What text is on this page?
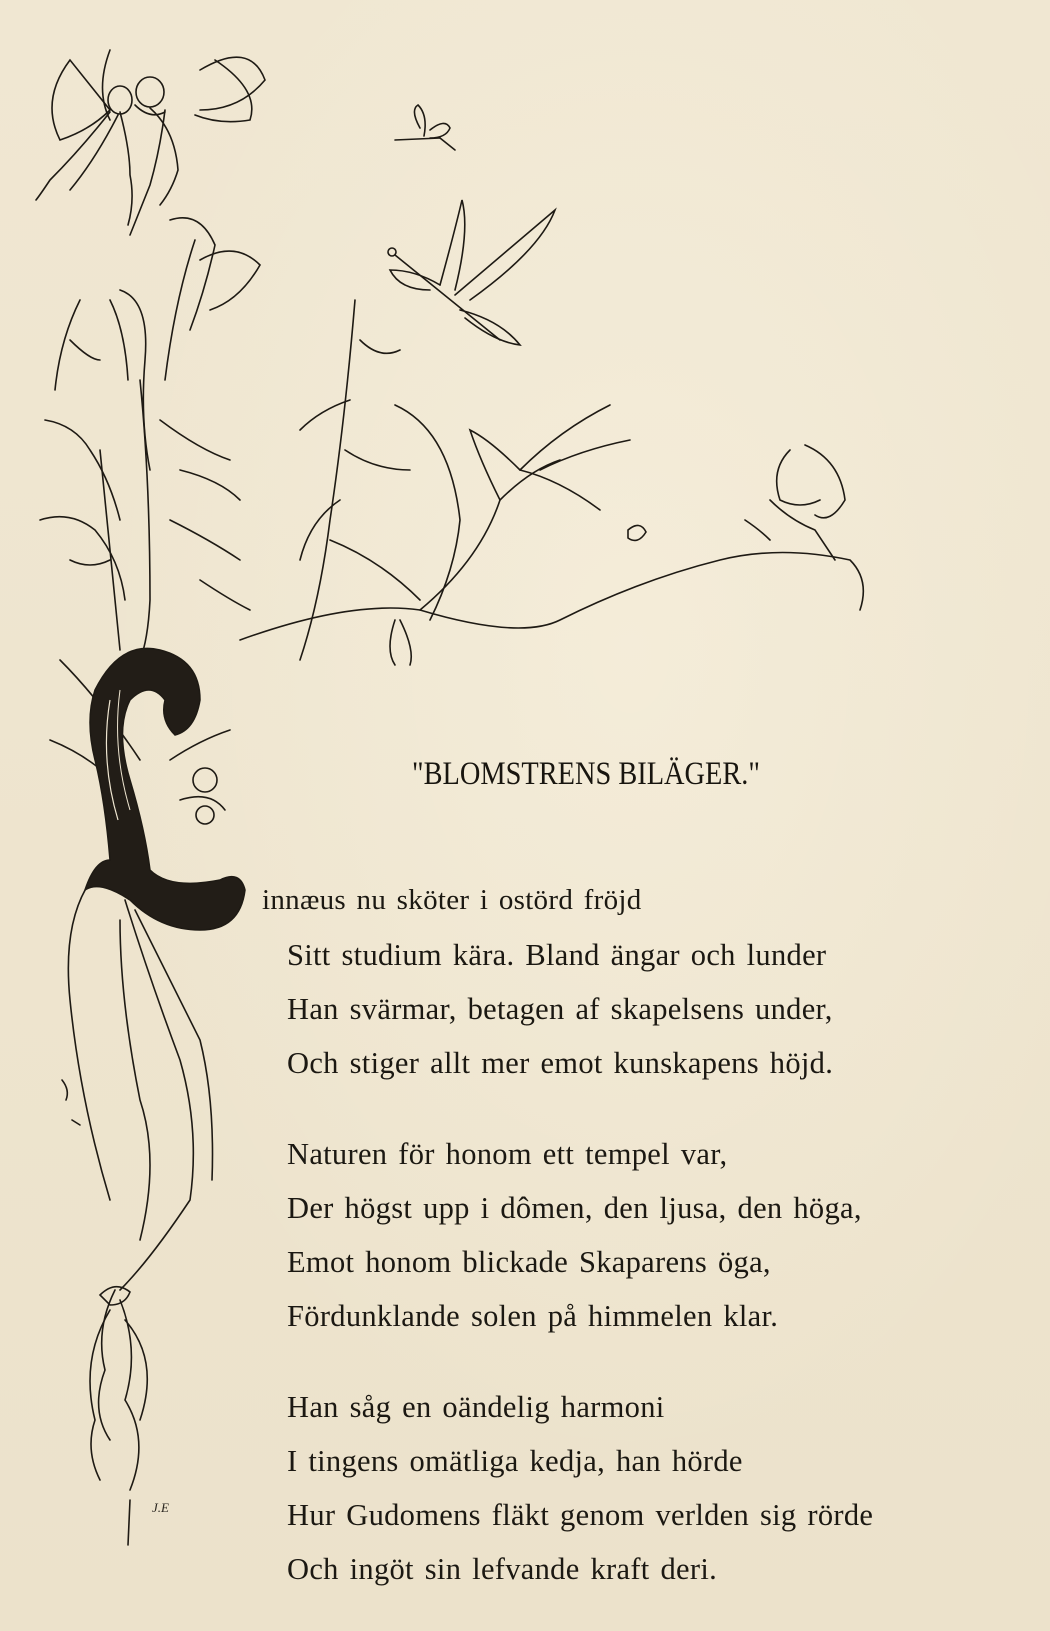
"BLOMSTRENS BILÄGER."
innæus nu sköter i ostörd fröjd
Sitt studium kära. Bland ängar och lunder
Han svärmar, betagen af skapelsens under,
Och stiger allt mer emot kunskapens höjd.
Naturen för honom ett tempel var,
Der högst upp i dômen, den ljusa, den höga,
Emot honom blickade Skaparens öga,
Fördunklande solen på himmelen klar.
Han såg en oändelig harmoni
I tingens omätliga kedja, han hörde
Hur Gudomens fläkt genom verlden sig rörde
Och ingöt sin lefvande kraft deri.
J.E
